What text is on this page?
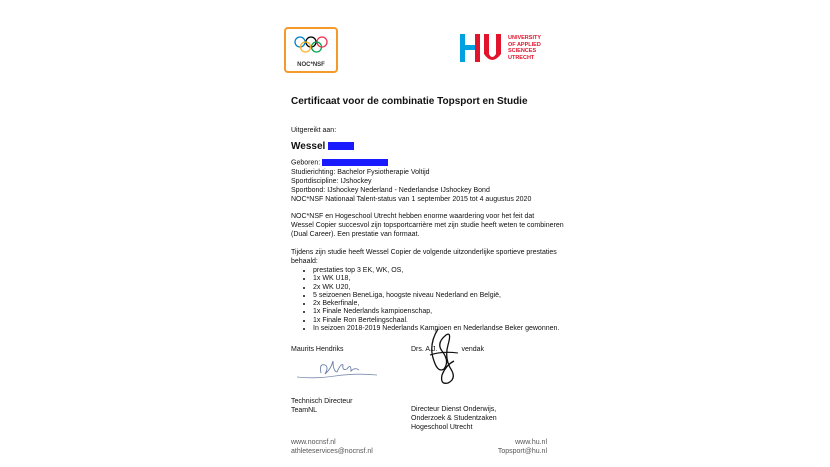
NOC*NSF
UNIVERSITY
OF APPLIED
SCIENCES
UTRECHT
Certificaat voor de combinatie Topsport en Studie
Uitgereikt aan:
Wessel
Geboren:
Studierichting: Bachelor Fysiotherapie Voltijd
Sportdiscipline: IJshockey
Sportbond: IJshockey Nederland - Nederlandse IJshockey Bond
NOC*NSF Nationaal Talent-status van 1 september 2015 tot 4 augustus 2020
NOC*NSF en Hogeschool Utrecht hebben enorme waardering voor het feit dat
Wessel Copier succesvol zijn topsportcarrière met zijn studie heeft weten te combineren
(Dual Career). Een prestatie van formaat.
Tijdens zijn studie heeft Wessel Copier de volgende uitzonderlijke sportieve prestaties
behaald:
• prestaties top 3 EK, WK, OS,
• 1x WK U18,
• 2x WK U20,
• 5 seizoenen BeneLiga, hoogste niveau Nederland en België,
• 2x Bekerfinale,
• 1x Finale Nederlands kampioenschap,
• 1x Finale Ron Bertelingschaal.
• In seizoen 2018-2019 Nederlands Kampioen en Nederlandse Beker gewonnen.
Maurits Hendriks	Drs. A.J.	vendak
Technisch Directeur
TeamNL	Directeur Dienst Onderwijs,
Onderzoek & Studentzaken
Hogeschool Utrecht
www.nocnsf.nl
athleteservices@nocnsf.nl
www.hu.nl
Topsport@hu.nl
